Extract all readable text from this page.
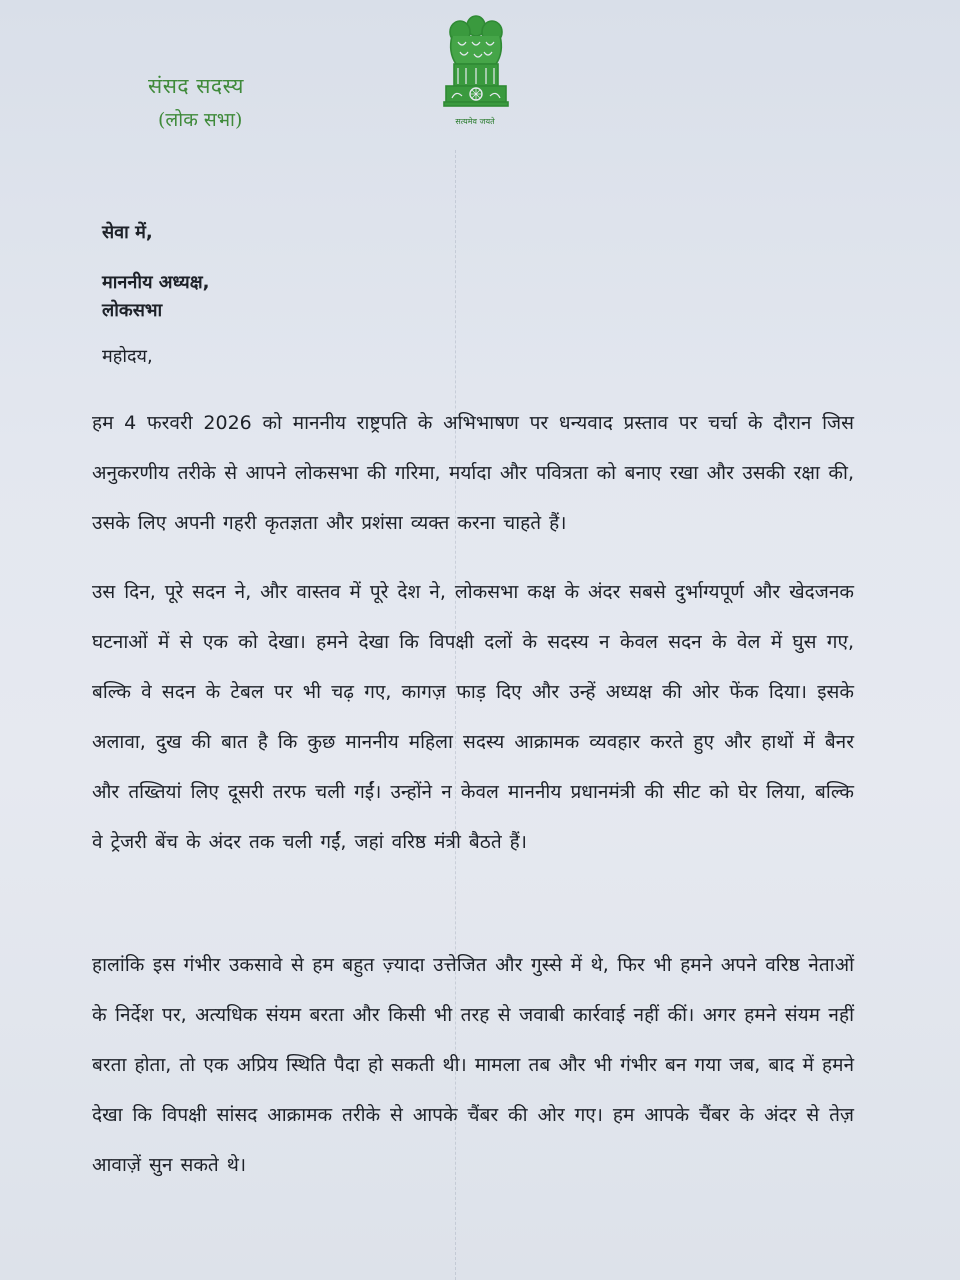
सत्यमेव जयते
संसद सदस्य
(लोक सभा)
सेवा में,
माननीय अध्यक्ष,
लोकसभा
महोदय,
हम 4 फरवरी 2026 को माननीय राष्ट्रपति के अभिभाषण पर धन्यवाद प्रस्ताव पर चर्चा के दौरान जिस अनुकरणीय तरीके से आपने लोकसभा की गरिमा, मर्यादा और पवित्रता को बनाए रखा और उसकी रक्षा की, उसके लिए अपनी गहरी कृतज्ञता और प्रशंसा व्यक्त करना चाहते हैं।
उस दिन, पूरे सदन ने, और वास्तव में पूरे देश ने, लोकसभा कक्ष के अंदर सबसे दुर्भाग्यपूर्ण और खेदजनक घटनाओं में से एक को देखा। हमने देखा कि विपक्षी दलों के सदस्य न केवल सदन के वेल में घुस गए, बल्कि वे सदन के टेबल पर भी चढ़ गए, कागज़ फाड़ दिए और उन्हें अध्यक्ष की ओर फेंक दिया। इसके अलावा, दुख की बात है कि कुछ माननीय महिला सदस्य आक्रामक व्यवहार करते हुए और हाथों में बैनर और तख्तियां लिए दूसरी तरफ चली गईं। उन्होंने न केवल माननीय प्रधानमंत्री की सीट को घेर लिया, बल्कि वे ट्रेजरी बेंच के अंदर तक चली गईं, जहां वरिष्ठ मंत्री बैठते हैं।
हालांकि इस गंभीर उकसावे से हम बहुत ज़्यादा उत्तेजित और गुस्से में थे, फिर भी हमने अपने वरिष्ठ नेताओं के निर्देश पर, अत्यधिक संयम बरता और किसी भी तरह से जवाबी कार्रवाई नहीं कीं। अगर हमने संयम नहीं बरता होता, तो एक अप्रिय स्थिति पैदा हो सकती थी। मामला तब और भी गंभीर बन गया जब, बाद में हमने देखा कि विपक्षी सांसद आक्रामक तरीके से आपके चैंबर की ओर गए। हम आपके चैंबर के अंदर से तेज़ आवाज़ें सुन सकते थे।
